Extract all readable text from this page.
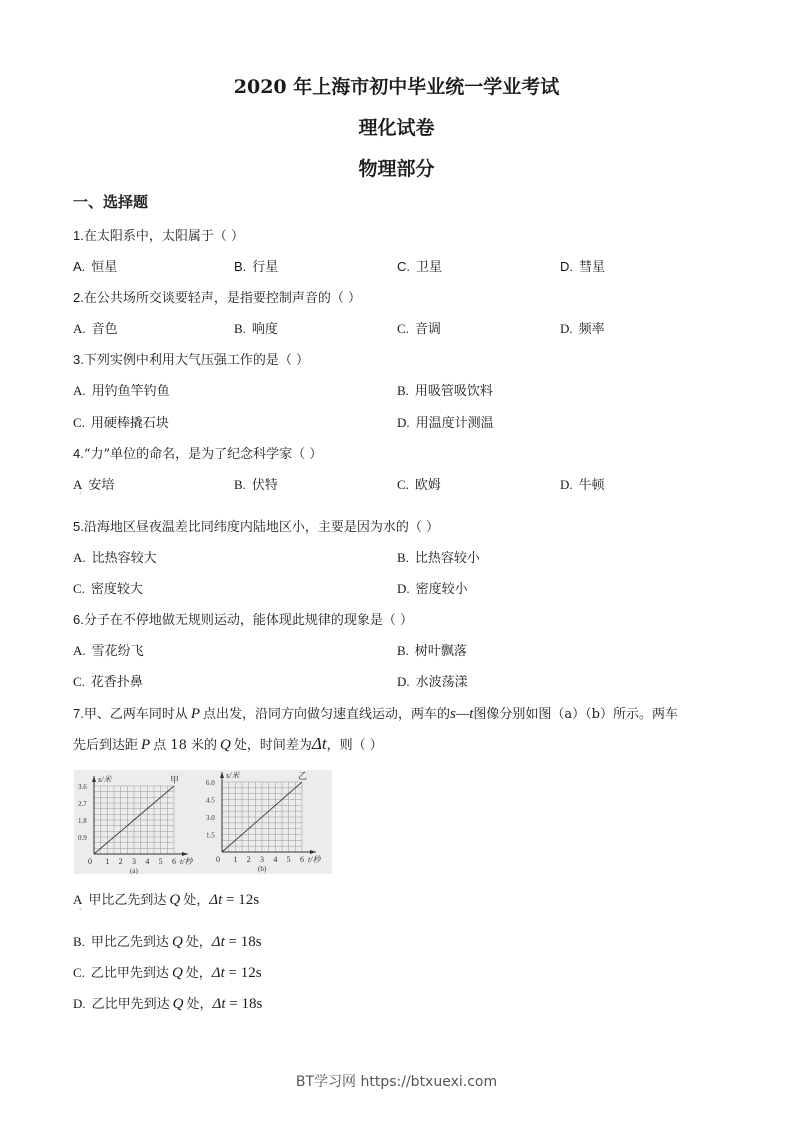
2020 年上海市初中毕业统一学业考试
理化试卷
物理部分
一、选择题
1.在太阳系中，太阳属于（ ）
A. 恒星	B. 行星	C. 卫星	D. 彗星
2.在公共场所交谈要轻声，是指要控制声音的（ ）
A. 音色	B. 响度	C. 音调	D. 频率
3.下列实例中利用大气压强工作的是（ ）
A. 用钓鱼竿钓鱼	B. 用吸管吸饮料
C. 用硬棒撬石块	D. 用温度计测温
4.“力”单位的命名，是为了纪念科学家（ ）
A 安培	B. 伏特	C. 欧姆	D. 牛顿
'
5.沿海地区昼夜温差比同纬度内陆地区小，主要是因为水的（ ）
A. 比热容较大	B. 比热容较小
C. 密度较大	D. 密度较小
6.分子在不停地做无规则运动，能体现此规律的现象是（ ）
A. 雪花纷飞	B. 树叶飘落
C. 花香扑鼻	D. 水波荡漾
7.甲、乙两车同时从 P 点出发，沿同方向做匀速直线运动，两车的s—t图像分别如图（a）（b）所示。两车
先后到达距 P 点 18 米的 Q 处，时间差为Δt，则（ ）
甲
0 1 2 3 4 5 6
0.9
1.8
2.7
3.6
s/米
t/秒
(a)
乙
0 1 2 3 4 5 6
1.5
3.0
4.5
6.0
s/米
t/秒
(b)
A 甲比乙先到达 Q 处，Δt = 12s
'
B. 甲比乙先到达 Q 处，Δt = 18s
C. 乙比甲先到达 Q 处，Δt = 12s
D. 乙比甲先到达 Q 处，Δt = 18s
BT学习网 https://btxuexi.com
